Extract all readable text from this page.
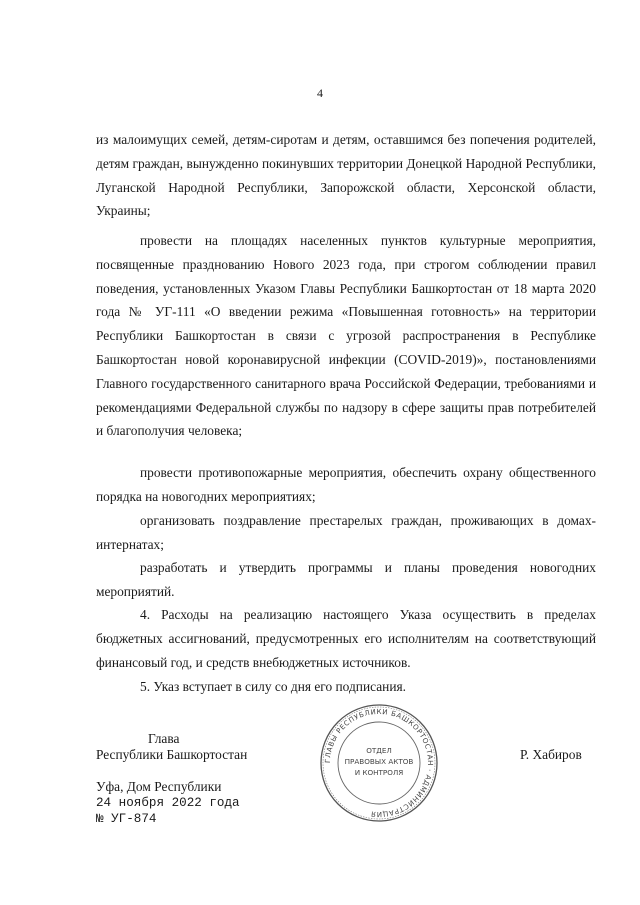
4

из малоимущих семей, детям-сиротам и детям, оставшимся без попечения родителей, детям граждан, вынужденно покинувших территории Донецкой Народной Республики, Луганской Народной Республики, Запорожской области, Херсонской области, Украины;

провести на площадях населенных пунктов культурные мероприятия, посвященные празднованию Нового 2023 года, при строгом соблюдении правил поведения, установленных Указом Главы Республики Башкортостан от 18 марта 2020 года № УГ-111 «О введении режима «Повышенная готовность» на территории Республики Башкортостан в связи с угрозой распространения в Республике Башкортостан новой коронавирусной инфекции (COVID-2019)», постановлениями Главного государственного санитарного врача Российской Федерации, требованиями и рекомендациями Федеральной службы по надзору в сфере защиты прав потребителей и благополучия человека;

провести противопожарные мероприятия, обеспечить охрану общественного порядка на новогодних мероприятиях;

организовать поздравление престарелых граждан, проживающих в домах-интернатах;

разработать и утвердить программы и планы проведения новогодних мероприятий.

4. Расходы на реализацию настоящего Указа осуществить в пределах бюджетных ассигнований, предусмотренных его исполнителям на соответствующий финансовый год, и средств внебюджетных источников.

5. Указ вступает в силу со дня его подписания.

Глава
Республики Башкортостан	Р. Хабиров
Уфа, Дом Республики
24 ноября 2022 года
№ УГ-874
ГЛАВЫ РЕСПУБЛИКИ БАШКОРТОСТАН · АДМИНИСТРАЦИЯ
ОТДЕЛ
ПРАВОВЫХ АКТОВ
И КОНТРОЛЯ
